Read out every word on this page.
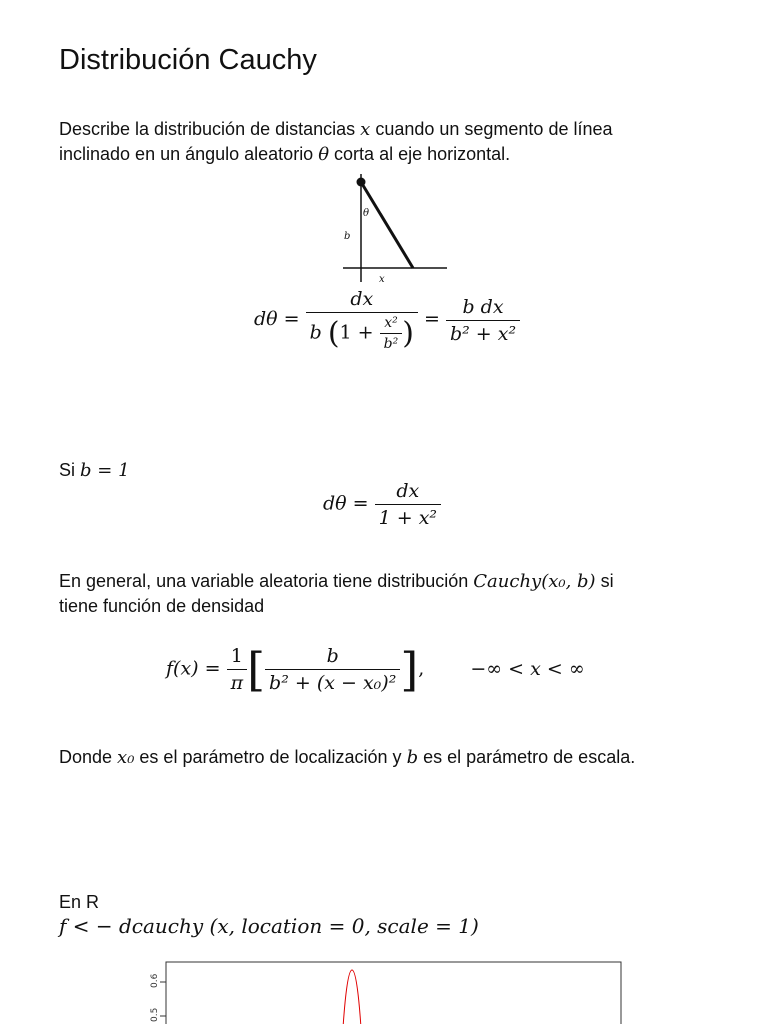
Distribución Cauchy
Describe la distribución de distancias x cuando un segmento de línea
inclinado en un ángulo aleatorio θ corta al eje horizontal.
θ
b
x
$d\theta = \frac{dx}{b (1 + \frac{\text{x²}}{\text{b²}} )} = \frac{\text{b dx}}{\text{b² + x²}}$
Si b = 1
$d\theta = \frac{dx}{\text{1 + x²}}$
En general, una variable aleatoria tiene distribución Cauchy(x₀, b) si
tiene función de densidad
$f(x) = \frac{1}{\pi}$ [ $\frac{b}{\text{b² + (x − x₀)²}}$ ], −∞ < x < ∞
Donde x₀ es el parámetro de localización y b es el parámetro de escala.
En R
f < − dcauchy (x, location = 0, scale = 1)
0.6
0.5
